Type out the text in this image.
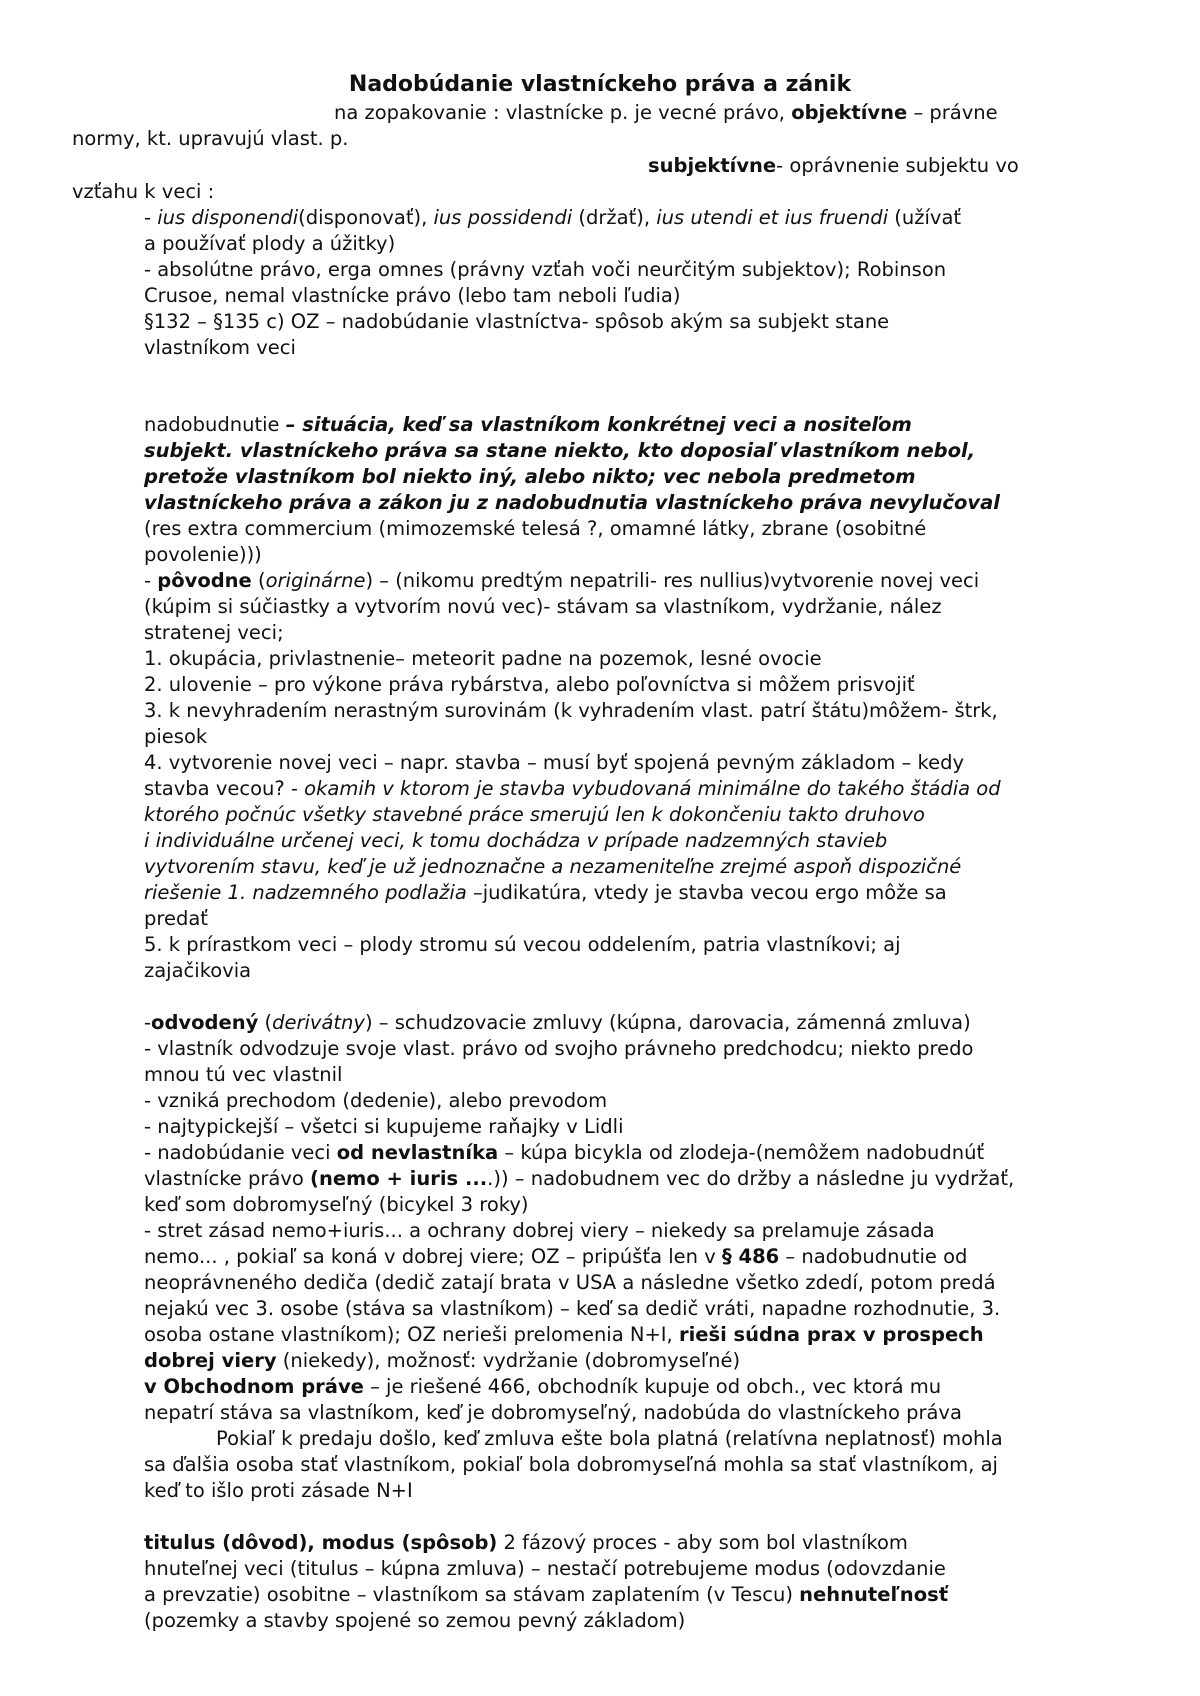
Nadobúdanie vlastníckeho práva a zánik
na zopakovanie : vlastnícke p. je vecné právo, objektívne – právne
normy, kt. upravujú vlast. p.
subjektívne- oprávnenie subjektu vo
vzťahu k veci :
- ius disponendi(disponovať), ius possidendi (držať), ius utendi et ius fruendi (užívať
a používať plody a úžitky)
- absolútne právo, erga omnes (právny vzťah voči neurčitým subjektov); Robinson
Crusoe, nemal vlastnícke právo (lebo tam neboli ľudia)
§132 – §135 c) OZ – nadobúdanie vlastníctva- spôsob akým sa subjekt stane
vlastníkom veci
nadobudnutie – situácia, keď sa vlastníkom konkrétnej veci a nositeľom
subjekt. vlastníckeho práva sa stane niekto, kto doposiaľ vlastníkom nebol,
pretože vlastníkom bol niekto iný, alebo nikto; vec nebola predmetom
vlastníckeho práva a zákon ju z nadobudnutia vlastníckeho práva nevylučoval
(res extra commercium (mimozemské telesá ?, omamné látky, zbrane (osobitné
povolenie)))
- pôvodne (originárne) – (nikomu predtým nepatrili- res nullius)vytvorenie novej veci
(kúpim si súčiastky a vytvorím novú vec)- stávam sa vlastníkom, vydržanie, nález
stratenej veci;
1. okupácia, privlastnenie– meteorit padne na pozemok, lesné ovocie
2. ulovenie – pro výkone práva rybárstva, alebo poľovníctva si môžem prisvojiť
3. k nevyhradením nerastným surovinám (k vyhradením vlast. patrí štátu)môžem- štrk,
piesok
4. vytvorenie novej veci – napr. stavba – musí byť spojená pevným základom – kedy
stavba vecou? - okamih v ktorom je stavba vybudovaná minimálne do takého štádia od
ktorého počnúc všetky stavebné práce smerujú len k dokončeniu takto druhovo
i individuálne určenej veci, k tomu dochádza v prípade nadzemných stavieb
vytvorením stavu, keď je už jednoznačne a nezameniteľne zrejmé aspoň dispozičné
riešenie 1. nadzemného podlažia –judikatúra, vtedy je stavba vecou ergo môže sa
predať
5. k prírastkom veci – plody stromu sú vecou oddelením, patria vlastníkovi; aj
zajačikovia
-odvodený (derivátny) – schudzovacie zmluvy (kúpna, darovacia, zámenná zmluva)
- vlastník odvodzuje svoje vlast. právo od svojho právneho predchodcu; niekto predo
mnou tú vec vlastnil
- vzniká prechodom (dedenie), alebo prevodom
- najtypickejší – všetci si kupujeme raňajky v Lidli
- nadobúdanie veci od nevlastníka – kúpa bicykla od zlodeja-(nemôžem nadobudnúť
vlastnícke právo (nemo + iuris ....)) – nadobudnem vec do držby a následne ju vydržať,
keď som dobromyseľný (bicykel 3 roky)
- stret zásad nemo+iuris... a ochrany dobrej viery – niekedy sa prelamuje zásada
nemo... , pokiaľ sa koná v dobrej viere; OZ – pripúšťa len v § 486 – nadobudnutie od
neoprávneného dediča (dedič zatají brata v USA a následne všetko zdedí, potom predá
nejakú vec 3. osobe (stáva sa vlastníkom) – keď sa dedič vráti, napadne rozhodnutie, 3.
osoba ostane vlastníkom); OZ nerieši prelomenia N+I, rieši súdna prax v prospech
dobrej viery (niekedy), možnosť: vydržanie (dobromyseľné)
v Obchodnom práve – je riešené 466, obchodník kupuje od obch., vec ktorá mu
nepatrí stáva sa vlastníkom, keď je dobromyseľný, nadobúda do vlastníckeho práva
Pokiaľ k predaju došlo, keď zmluva ešte bola platná (relatívna neplatnosť) mohla
sa ďalšia osoba stať vlastníkom, pokiaľ bola dobromyseľná mohla sa stať vlastníkom, aj
keď to išlo proti zásade N+I
titulus (dôvod), modus (spôsob) 2 fázový proces - aby som bol vlastníkom
hnuteľnej veci (titulus – kúpna zmluva) – nestačí potrebujeme modus (odovzdanie
a prevzatie) osobitne – vlastníkom sa stávam zaplatením (v Tescu) nehnuteľnosť
(pozemky a stavby spojené so zemou pevný základom)
